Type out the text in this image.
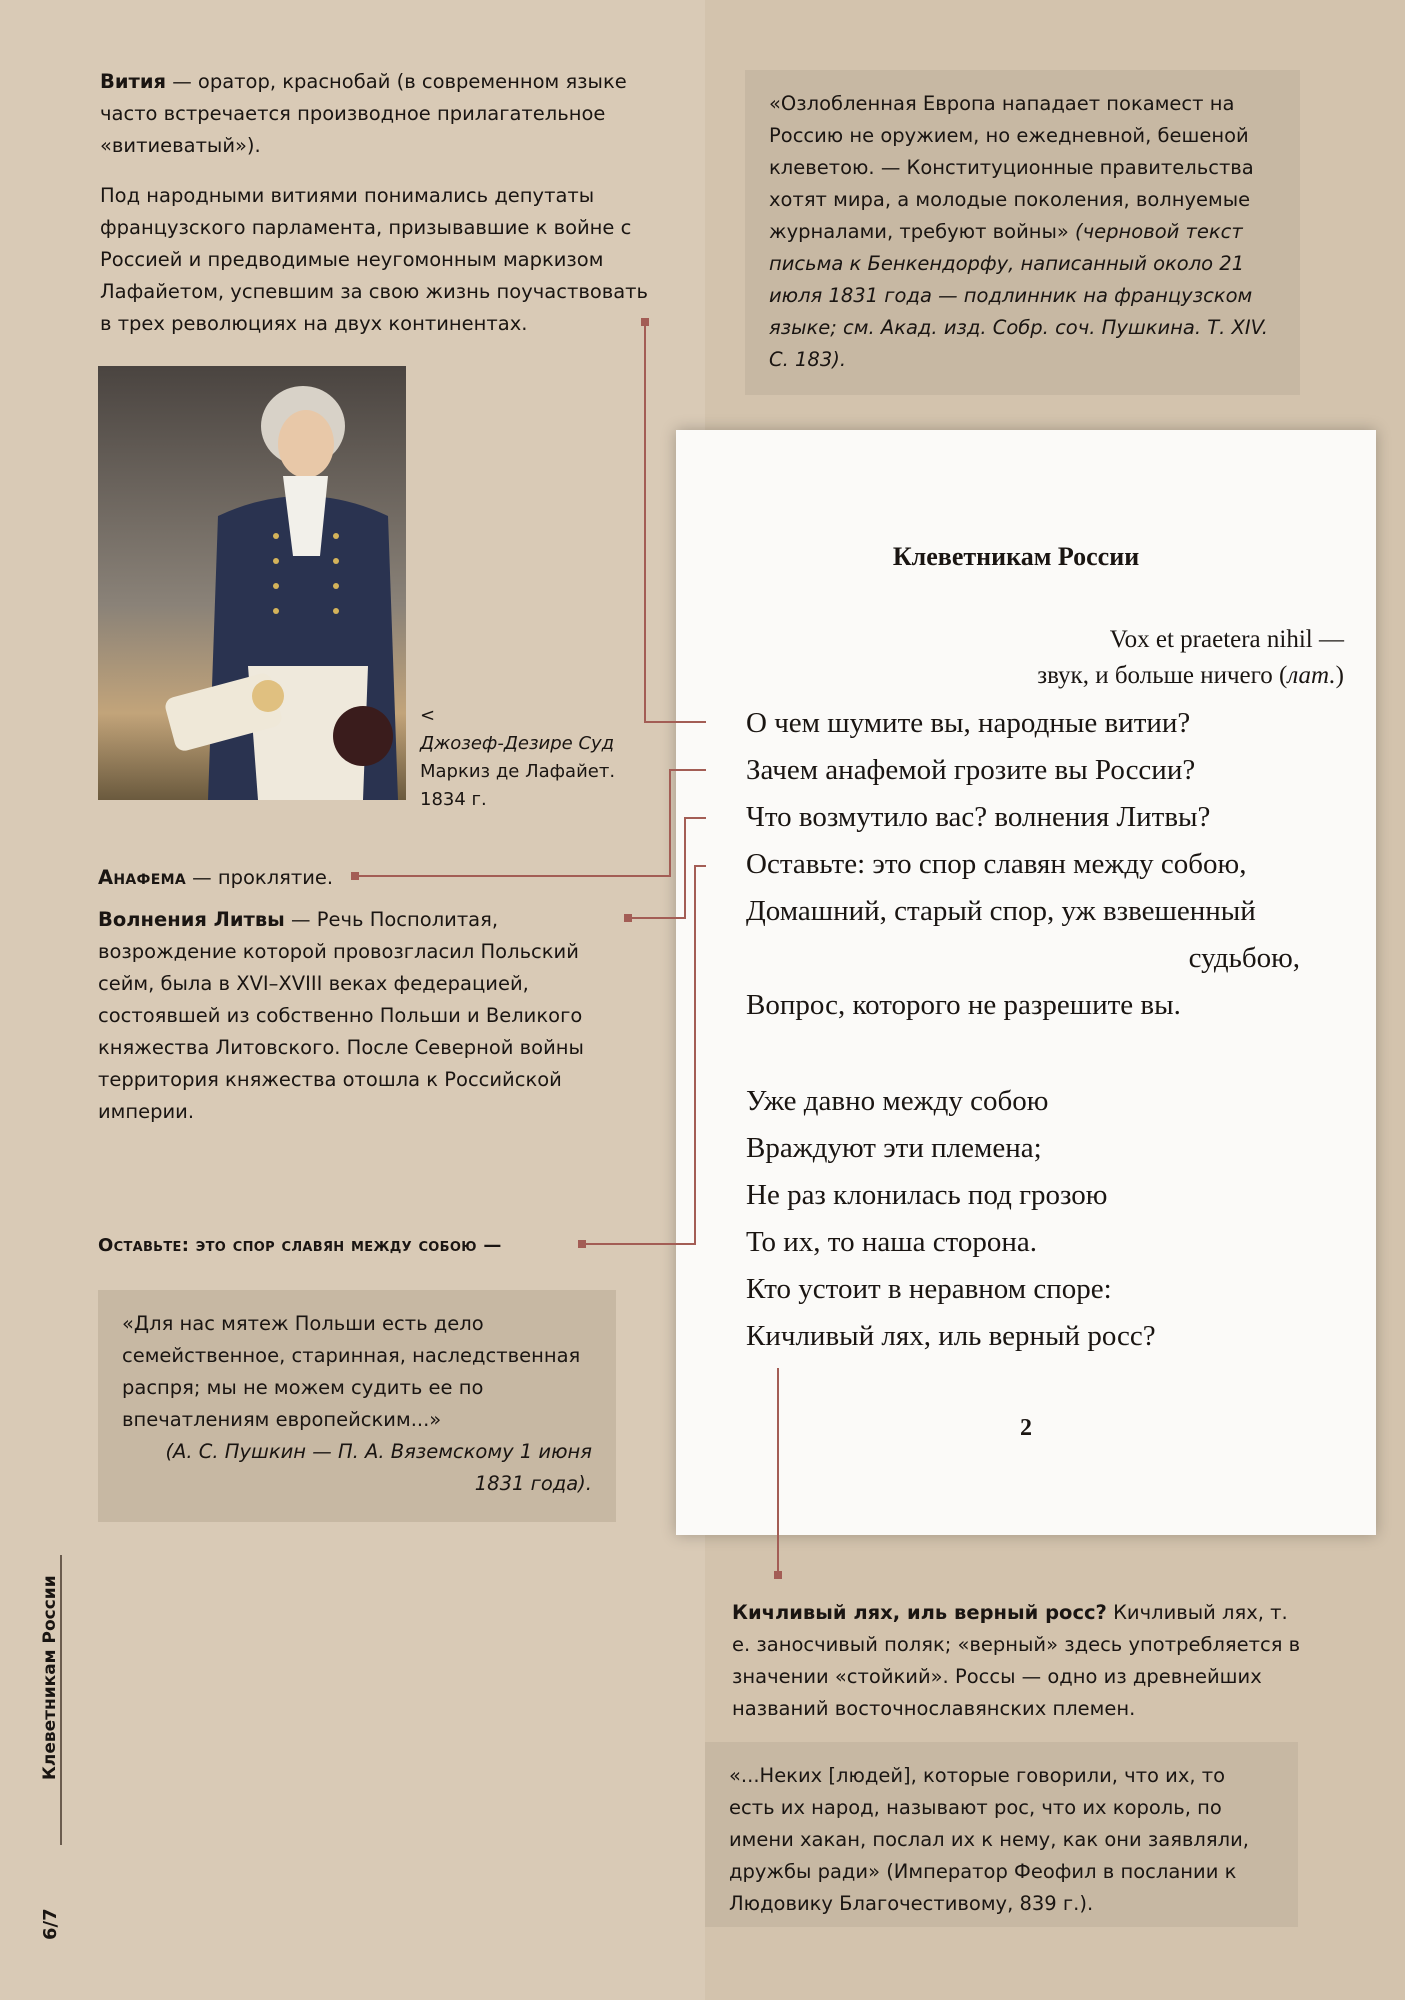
Вития — оратор, краснобай (в современном языке часто встречается производное прилагательное «витиеватый»).
Под народными витиями понимались депутаты французского парламента, призывавшие к войне с Россией и предводимые неугомонным маркизом Лафайетом, успевшим за свою жизнь поучаствовать в трех революциях на двух континентах.
«Озлобленная Европа нападает покамест на Россию не оружием, но ежедневной, бешеной клеветою. — Конституционные правительства хотят мира, а молодые поколения, волнуемые журналами, требуют войны» (черновой текст письма к Бенкендорфу, написанный около 21 июля 1831 года — подлинник на французском языке; см. Акад. изд. Собр. соч. Пушкина. Т. XIV. С. 183).
<
Джозеф-Дезире Суд
Маркиз де Лафайет.
1834 г.
Анафема — проклятие.
Волнения Литвы — Речь Посполитая, возрождение которой провозгласил Польский сейм, была в XVI–XVIII веках федерацией, состоявшей из собственно Польши и Великого княжества Литовского. После Северной войны территория княжества отошла к Российской империи.
Оставьте: это спор славян между собою —
«Для нас мятеж Польши есть дело семейственное, старинная, наследственная распря; мы не можем судить ее по впечатлениям европейским...»
(А. С. Пушкин — П. А. Вяземскому 1 июня 1831 года).
Кичливый лях, иль верный росс? Кичливый лях, т. е. заносчивый поляк; «верный» здесь употребляется в значении «стойкий». Россы — одно из древнейших названий восточнославянских племен.
«...Неких [людей], которые говорили, что их, то есть их народ, называют рос, что их король, по имени хакан, послал их к нему, как они заявляли, дружбы ради» (Император Феофил в послании к Людовику Благочестивому, 839 г.).
Клеветникам России
Vox et praetera nihil —
звук, и больше ничего (лат.)
О чем шумите вы, народные витии?
Зачем анафемой грозите вы России?
Что возмутило вас? волнения Литвы?
Оставьте: это спор славян между собою,
Домашний, старый спор, уж взвешенный
судьбою,
Вопрос, которого не разрешите вы.
Уже давно между собою
Враждуют эти племена;
Не раз клонилась под грозою
То их, то наша сторона.
Кто устоит в неравном споре:
Кичливый лях, иль верный росс?
2
Клеветникам России
6/7
